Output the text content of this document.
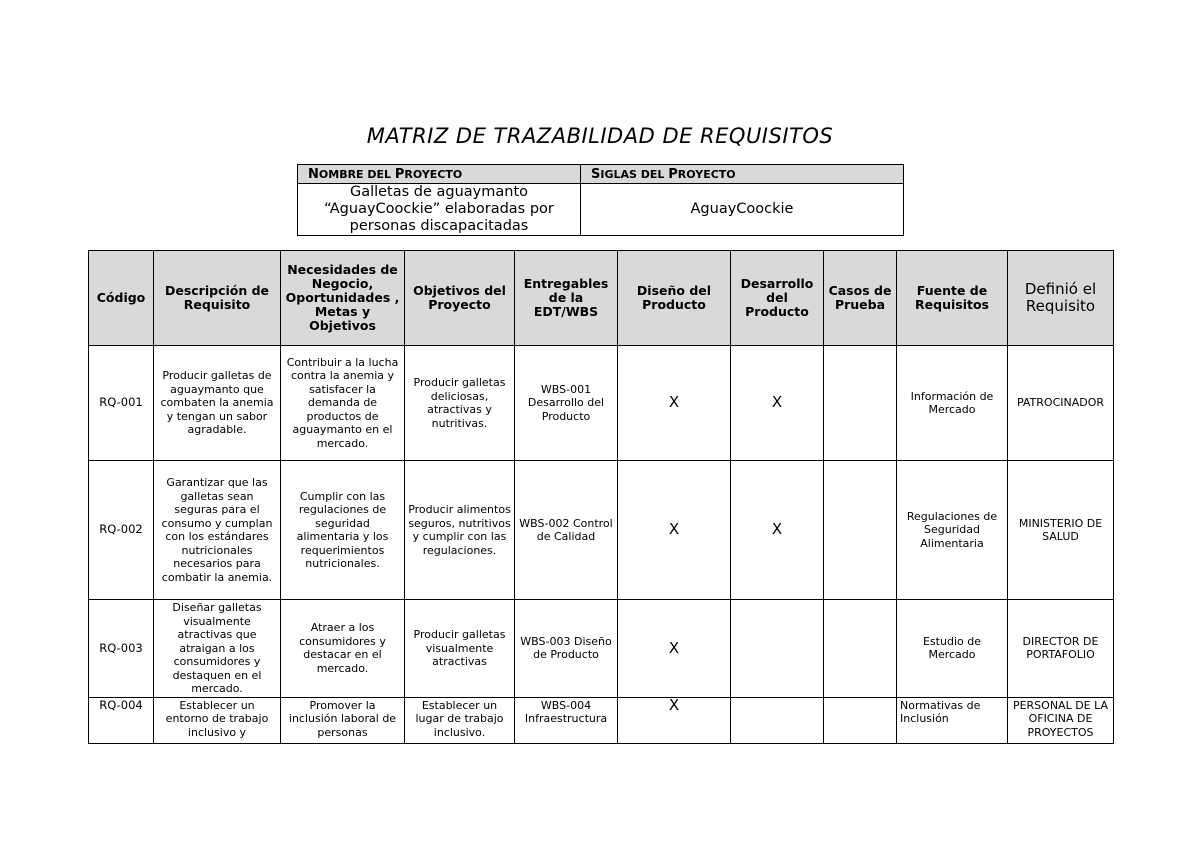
MATRIZ DE TRAZABILIDAD DE REQUISITOS
NOMBRE DEL PROYECTO	SIGLAS DEL PROYECTO
Galletas de aguaymanto
“AguayCoockie” elaboradas por
personas discapacitadas	AguayCoockie
Código	Descripción de Requisito	Necesidades de Negocio, Oportunidades , Metas y Objetivos	Objetivos del Proyecto	Entregables de la EDT/WBS	Diseño del Producto	Desarrollo del Producto	Casos de Prueba	Fuente de Requisitos	Definió el Requisito
RQ-001	Producir galletas de aguaymanto que combaten la anemia y tengan un sabor agradable.	Contribuir a la lucha contra la anemia y satisfacer la demanda de productos de aguaymanto en el mercado.	Producir galletas deliciosas, atractivas y nutritivas.	WBS-001 Desarrollo del Producto	X	X		Información de Mercado	PATROCINADOR
RQ-002	Garantizar que las galletas sean seguras para el consumo y cumplan con los estándares nutricionales necesarios para combatir la anemia.	Cumplir con las regulaciones de seguridad alimentaria y los requerimientos nutricionales.	Producir alimentos seguros, nutritivos y cumplir con las regulaciones.	WBS-002 Control de Calidad	X	X		Regulaciones de Seguridad Alimentaria	MINISTERIO DE SALUD
RQ-003	Diseñar galletas visualmente atractivas que atraigan a los consumidores y destaquen en el mercado.	Atraer a los consumidores y destacar en el mercado.	Producir galletas visualmente atractivas	WBS-003 Diseño de Producto	X			Estudio de Mercado	DIRECTOR DE PORTAFOLIO
RQ-004	Establecer un entorno de trabajo inclusivo y	Promover la inclusión laboral de personas	Establecer un lugar de trabajo inclusivo.	WBS-004 Infraestructura	X			Normativas de Inclusión	PERSONAL DE LA OFICINA DE PROYECTOS
